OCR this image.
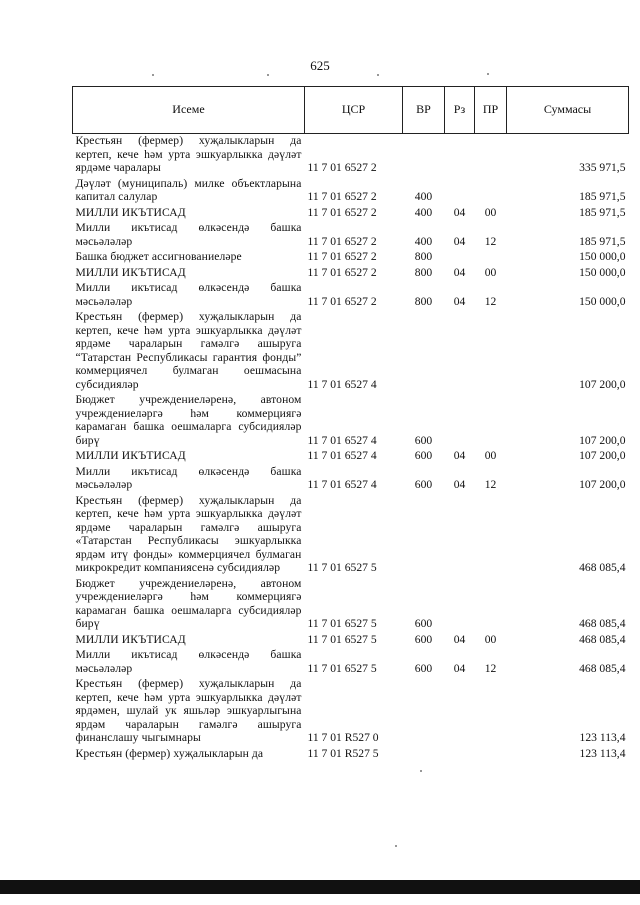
625
Исеме	ЦСР	ВР	Рз	ПР	Суммасы
Крестьян (фермер) хуҗалыкларын да кертеп, кече һәм урта эшкуарлыкка дәүләт ярдәме чаралары	11 7 01 6527 2				335 971,5
Дәүләт (муниципаль) милке объектларына капитал салулар	11 7 01 6527 2	400			185 971,5
МИЛЛИ ИКЪТИСАД	11 7 01 6527 2	400	04	00	185 971,5
Милли икътисад өлкәсендә башка мәсьәләләр	11 7 01 6527 2	400	04	12	185 971,5
Башка бюджет ассигнованиеләре	11 7 01 6527 2	800			150 000,0
МИЛЛИ ИКЪТИСАД	11 7 01 6527 2	800	04	00	150 000,0
Милли икътисад өлкәсендә башка мәсьәләләр	11 7 01 6527 2	800	04	12	150 000,0
Крестьян (фермер) хуҗалыкларын да кертеп, кече һәм урта эшкуарлыкка дәүләт ярдәме чараларын гамәлгә ашыруга “Татарстан Республикасы гарантия фонды” коммерциячел булмаган оешмасына субсидияләр	11 7 01 6527 4				107 200,0
Бюджет учреждениеләренә, автоном учреждениеләргә һәм коммерциягә карамаган башка оешмаларга субсидияләр бирү	11 7 01 6527 4	600			107 200,0
МИЛЛИ ИКЪТИСАД	11 7 01 6527 4	600	04	00	107 200,0
Милли икътисад өлкәсендә башка мәсьәләләр	11 7 01 6527 4	600	04	12	107 200,0
Крестьян (фермер) хуҗалыкларын да кертеп, кече һәм урта эшкуарлыкка дәүләт ярдәме чараларын гамәлгә ашыруга «Татарстан Республикасы эшкуарлыкка ярдәм итү фонды» коммерциячел булмаган микрокредит компаниясенә субсидияләр	11 7 01 6527 5				468 085,4
Бюджет учреждениеләренә, автоном учреждениеләргә һәм коммерциягә карамаган башка оешмаларга субсидияләр бирү	11 7 01 6527 5	600			468 085,4
МИЛЛИ ИКЪТИСАД	11 7 01 6527 5	600	04	00	468 085,4
Милли икътисад өлкәсендә башка мәсьәләләр	11 7 01 6527 5	600	04	12	468 085,4
Крестьян (фермер) хуҗалыкларын да кертеп, кече һәм урта эшкуарлыкка дәүләт ярдәмен, шулай ук яшьләр эшкуарлыгына ярдәм чараларын гамәлгә ашыруга финанслашу чыгымнары	11 7 01 R527 0				123 113,4
Крестьян (фермер) хуҗалыкларын да	11 7 01 R527 5				123 113,4
